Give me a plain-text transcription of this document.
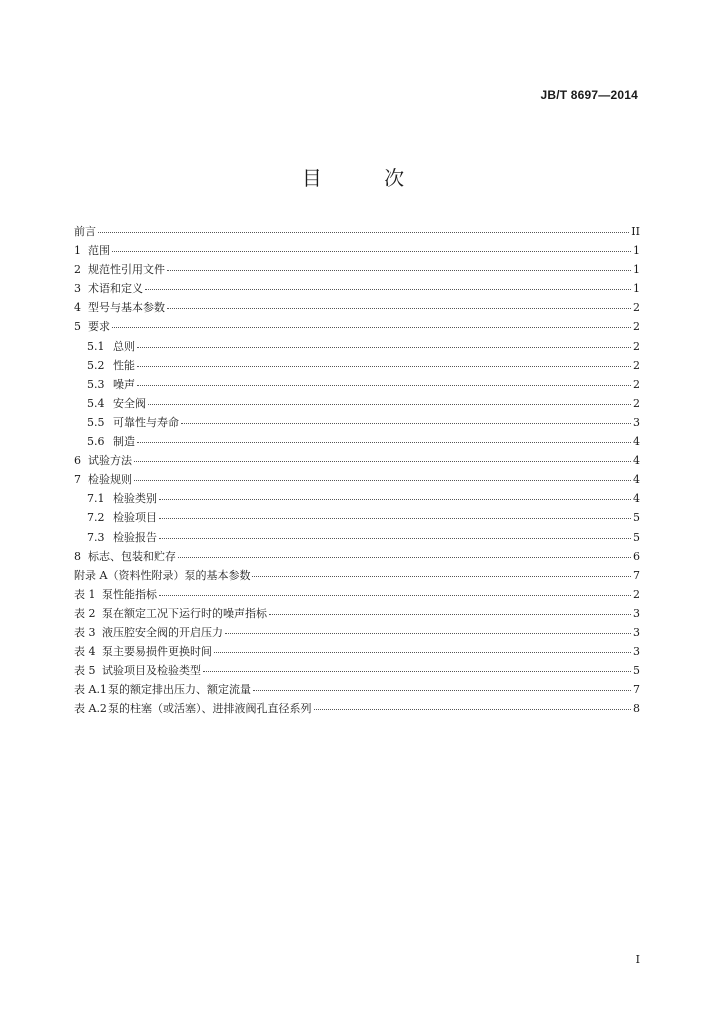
JB/T 8697—2014
目 次
前言	II
1 范围	1
2 规范性引用文件	1
3 术语和定义	1
4 型号与基本参数	2
5 要求	2
5.1 总则	2
5.2 性能	2
5.3 噪声	2
5.4 安全阀	2
5.5 可靠性与寿命	3
5.6 制造	4
6 试验方法	4
7 检验规则	4
7.1 检验类别	4
7.2 检验项目	5
7.3 检验报告	5
8 标志、包装和贮存	6
附录 A（资料性附录）泵的基本参数	7
表 1 泵性能指标	2
表 2 泵在额定工况下运行时的噪声指标	3
表 3 液压腔安全阀的开启压力	3
表 4 泵主要易损件更换时间	3
表 5 试验项目及检验类型	5
表 A.1 泵的额定排出压力、额定流量	7
表 A.2 泵的柱塞（或活塞）、进排液阀孔直径系列	8
I
